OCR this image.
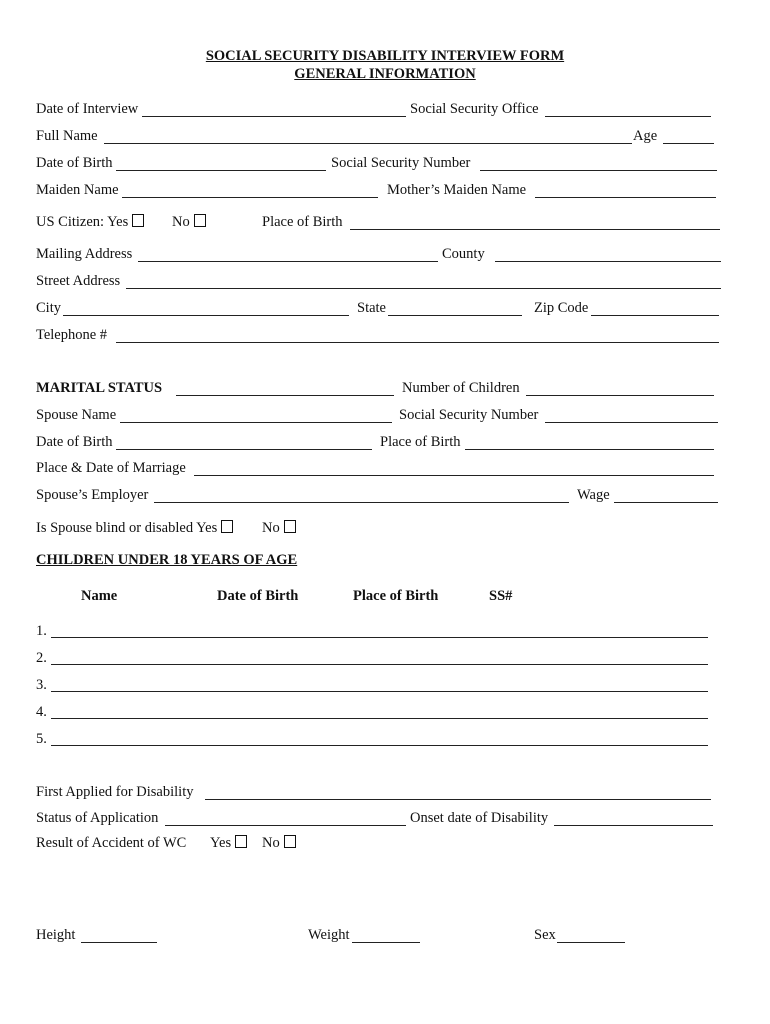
SOCIAL SECURITY DISABILITY INTERVIEW FORM
GENERAL INFORMATION
Date of Interview	Social Security Office
Full Name	Age
Date of Birth	Social Security Number
Maiden Name	Mother’s Maiden Name
US Citizen: Yes	No	Place of Birth
Mailing Address	County
Street Address
City	State	Zip Code
Telephone #
MARITAL STATUS	Number of Children
Spouse Name	Social Security Number
Date of Birth	Place of Birth
Place & Date of Marriage
Spouse’s Employer	Wage
Is Spouse blind or disabled Yes	No
CHILDREN UNDER 18 YEARS OF AGE
Name	Date of Birth	Place of Birth	SS#
1.
2.
3.
4.
5.
First Applied for Disability
Status of Application	Onset date of Disability
Result of Accident of WC Yes	No
Height	Weight	Sex
